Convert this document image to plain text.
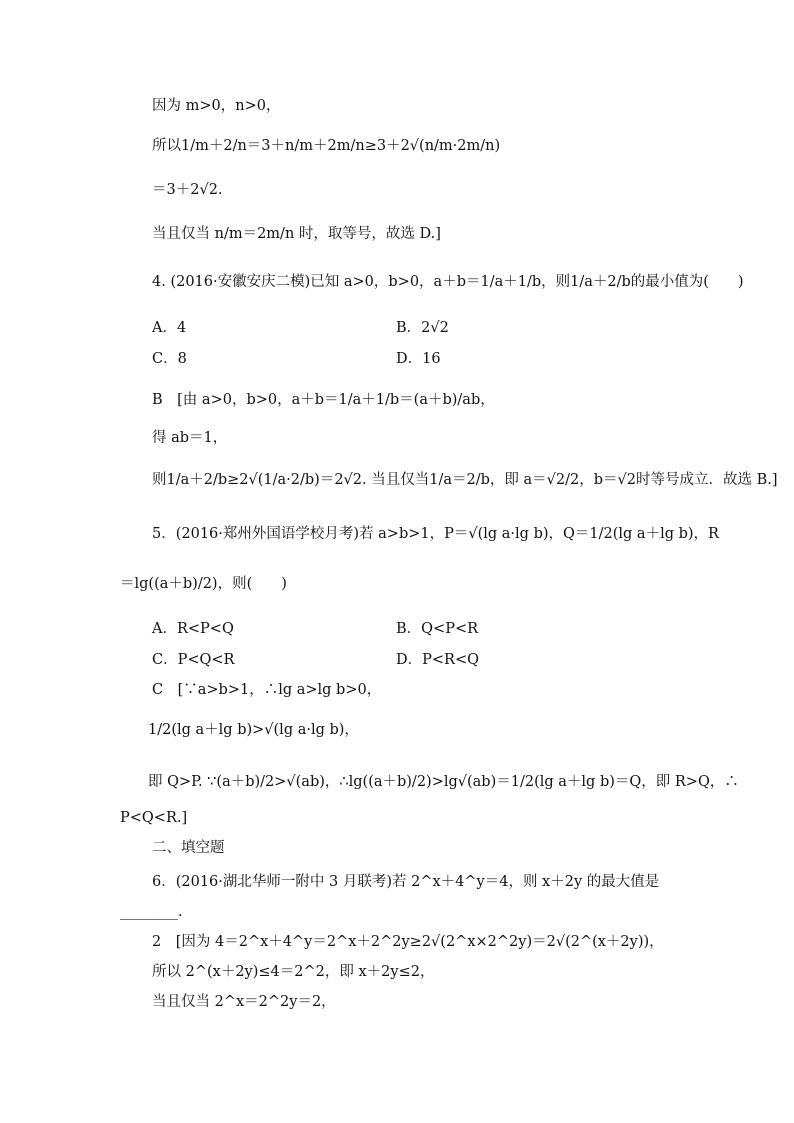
因为 m>0，n>0，
所以1/m＋2/n＝3＋n/m＋2m/n≥3＋2√(n/m·2m/n)
＝3＋2√2.
当且仅当 n/m＝2m/n 时，取等号，故选 D.]
4. (2016·安徽安庆二模)已知 a>0，b>0，a＋b＝1/a＋1/b，则1/a＋2/b的最小值为(　　)
A．4	B．2√2
C．8	D．16
B　[由 a>0，b>0，a＋b＝1/a＋1/b＝(a＋b)/ab，
得 ab＝1，
则1/a＋2/b≥2√(1/a·2/b)＝2√2. 当且仅当1/a＝2/b，即 a＝√2/2，b＝√2时等号成立．故选 B.]
5．(2016·郑州外国语学校月考)若 a>b>1，P＝√(lg a·lg b)，Q＝1/2(lg a＋lg b)，R
＝lg((a＋b)/2)，则(　　)
A．R<P<Q	B．Q<P<R
C．P<Q<R	D．P<R<Q
C　[∵a>b>1，∴lg a>lg b>0，
1/2(lg a＋lg b)>√(lg a·lg b)，
即 Q>P. ∵(a＋b)/2>√(ab)，∴lg((a＋b)/2)>lg√(ab)＝1/2(lg a＋lg b)＝Q，即 R>Q，∴
P<Q<R.]
二、填空题
6．(2016·湖北华师一附中 3 月联考)若 2^x＋4^y＝4，则 x＋2y 的最大值是
________.
2　[因为 4＝2^x＋4^y＝2^x＋2^2y≥2√(2^x×2^2y)＝2√(2^(x＋2y))，
所以 2^(x＋2y)≤4＝2^2，即 x＋2y≤2，
当且仅当 2^x＝2^2y＝2，
